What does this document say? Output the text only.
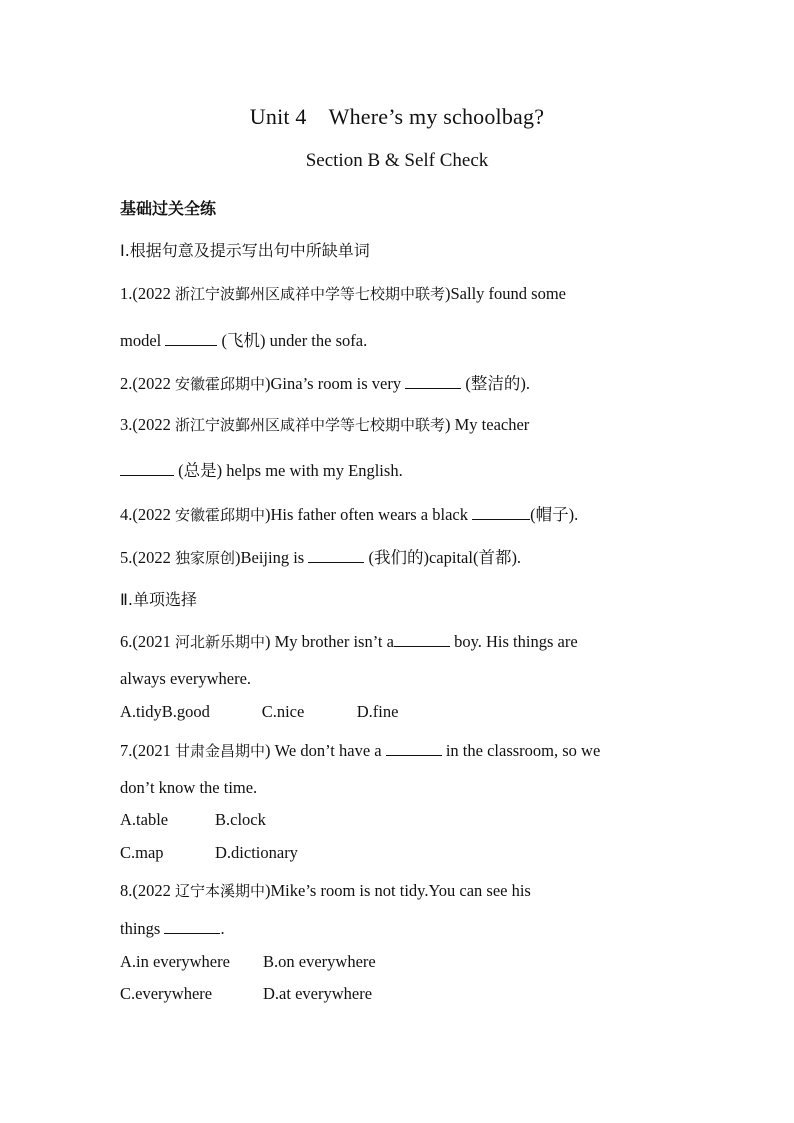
Unit 4 Where’s my schoolbag?
Section B & Self Check
基础过关全练
Ⅰ.根据句意及提示写出句中所缺单词
1.(2022 浙江宁波鄞州区咸祥中学等七校期中联考)Sally found some
model	(飞机) under the sofa.
2.(2022 安徽霍邱期中)Gina’s room is very	(整洁的).
3.(2022 浙江宁波鄞州区咸祥中学等七校期中联考) My teacher
(总是) helps me with my English.
4.(2022 安徽霍邱期中)His father often wears a black	(帽子).
5.(2022 独家原创)Beijing is	(我们的)capital(首都).
Ⅱ.单项选择
6.(2021 河北新乐期中) My brother isn’t a	boy. His things are
always everywhere.
A.tidyB.good	C.nice	D.fine
7.(2021 甘肃金昌期中) We don’t have a	in the classroom, so we
don’t know the time.
A.table	B.clock
C.map	D.dictionary
8.(2022 辽宁本溪期中)Mike’s room is not tidy.You can see his
things	.
A.in everywhere B.on everywhere
C.everywhere	D.at everywhere
